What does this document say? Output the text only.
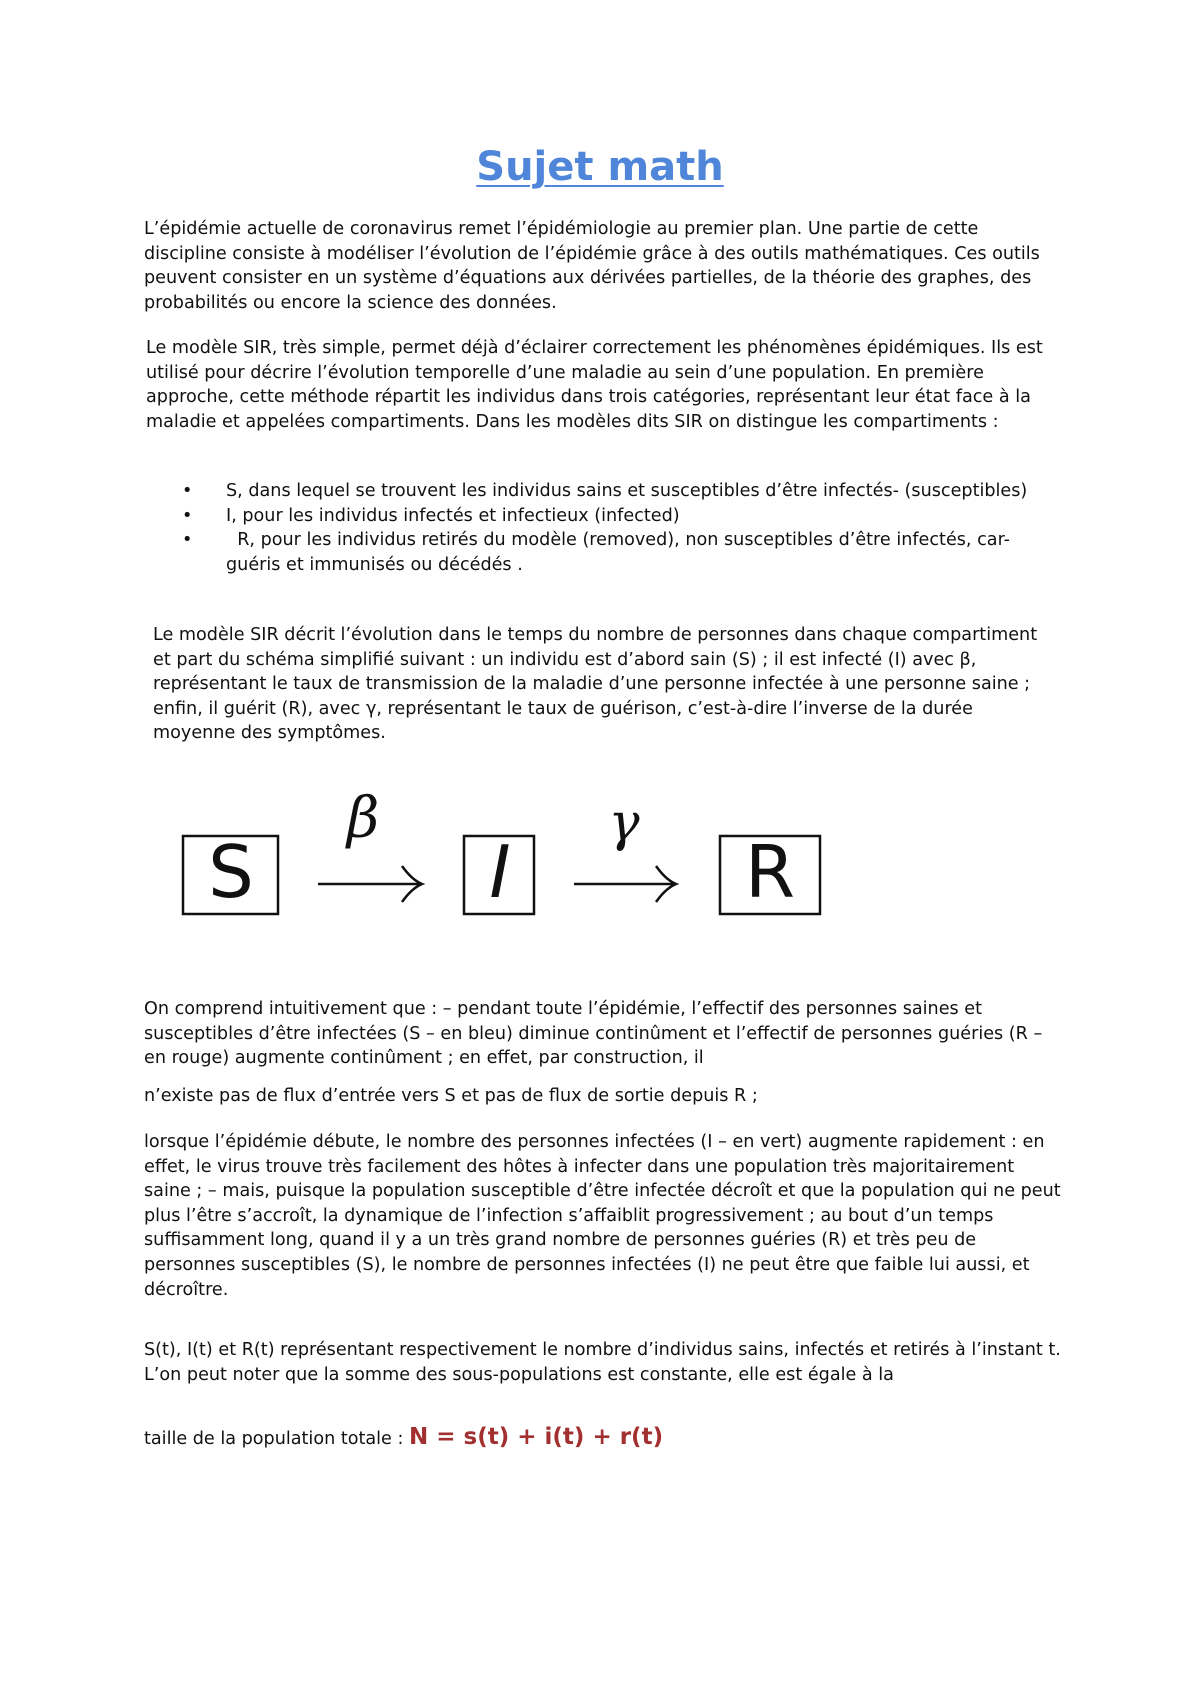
Sujet math

L’épidémie actuelle de coronavirus remet l’épidémiologie au premier plan. Une partie de cette discipline consiste à modéliser l’évolution de l’épidémie grâce à des outils mathématiques. Ces outils peuvent consister en un système d’équations aux dérivées partielles, de la théorie des graphes, des probabilités ou encore la science des données.

Le modèle SIR, très simple, permet déjà d’éclairer correctement les phénomènes épidémiques. Ils est utilisé pour décrire l’évolution temporelle d’une maladie au sein d’une population. En première approche, cette méthode répartit les individus dans trois catégories, représentant leur état face à la maladie et appelées compartiments. Dans les modèles dits SIR on distingue les compartiments :

• S, dans lequel se trouvent les individus sains et susceptibles d’être infectés- (susceptibles)
• I, pour les individus infectés et infectieux (infected)
• R, pour les individus retirés du modèle (removed), non susceptibles d’être infectés, car- guéris et immunisés ou décédés .

Le modèle SIR décrit l’évolution dans le temps du nombre de personnes dans chaque compartiment et part du schéma simplifié suivant : un individu est d’abord sain (S) ; il est infecté (I) avec β, représentant le taux de transmission de la maladie d’une personne infectée à une personne saine ; enfin, il guérit (R), avec γ, représentant le taux de guérison, c’est-à-dire l’inverse de la durée moyenne des symptômes.

S
β
I
γ
R

On comprend intuitivement que : – pendant toute l’épidémie, l’effectif des personnes saines et susceptibles d’être infectées (S – en bleu) diminue continûment et l’effectif de personnes guéries (R – en rouge) augmente continûment ; en effet, par construction, il

n’existe pas de flux d’entrée vers S et pas de flux de sortie depuis R ;

lorsque l’épidémie débute, le nombre des personnes infectées (I – en vert) augmente rapidement : en effet, le virus trouve très facilement des hôtes à infecter dans une population très majoritairement saine ; – mais, puisque la population susceptible d’être infectée décroît et que la population qui ne peut plus l’être s’accroît, la dynamique de l’infection s’affaiblit progressivement ; au bout d’un temps suffisamment long, quand il y a un très grand nombre de personnes guéries (R) et très peu de personnes susceptibles (S), le nombre de personnes infectées (I) ne peut être que faible lui aussi, et décroître.

S(t), I(t) et R(t) représentant respectivement le nombre d’individus sains, infectés et retirés à l’instant t. L’on peut noter que la somme des sous-populations est constante, elle est égale à la

taille de la population totale : N = s(t) + i(t) + r(t)
